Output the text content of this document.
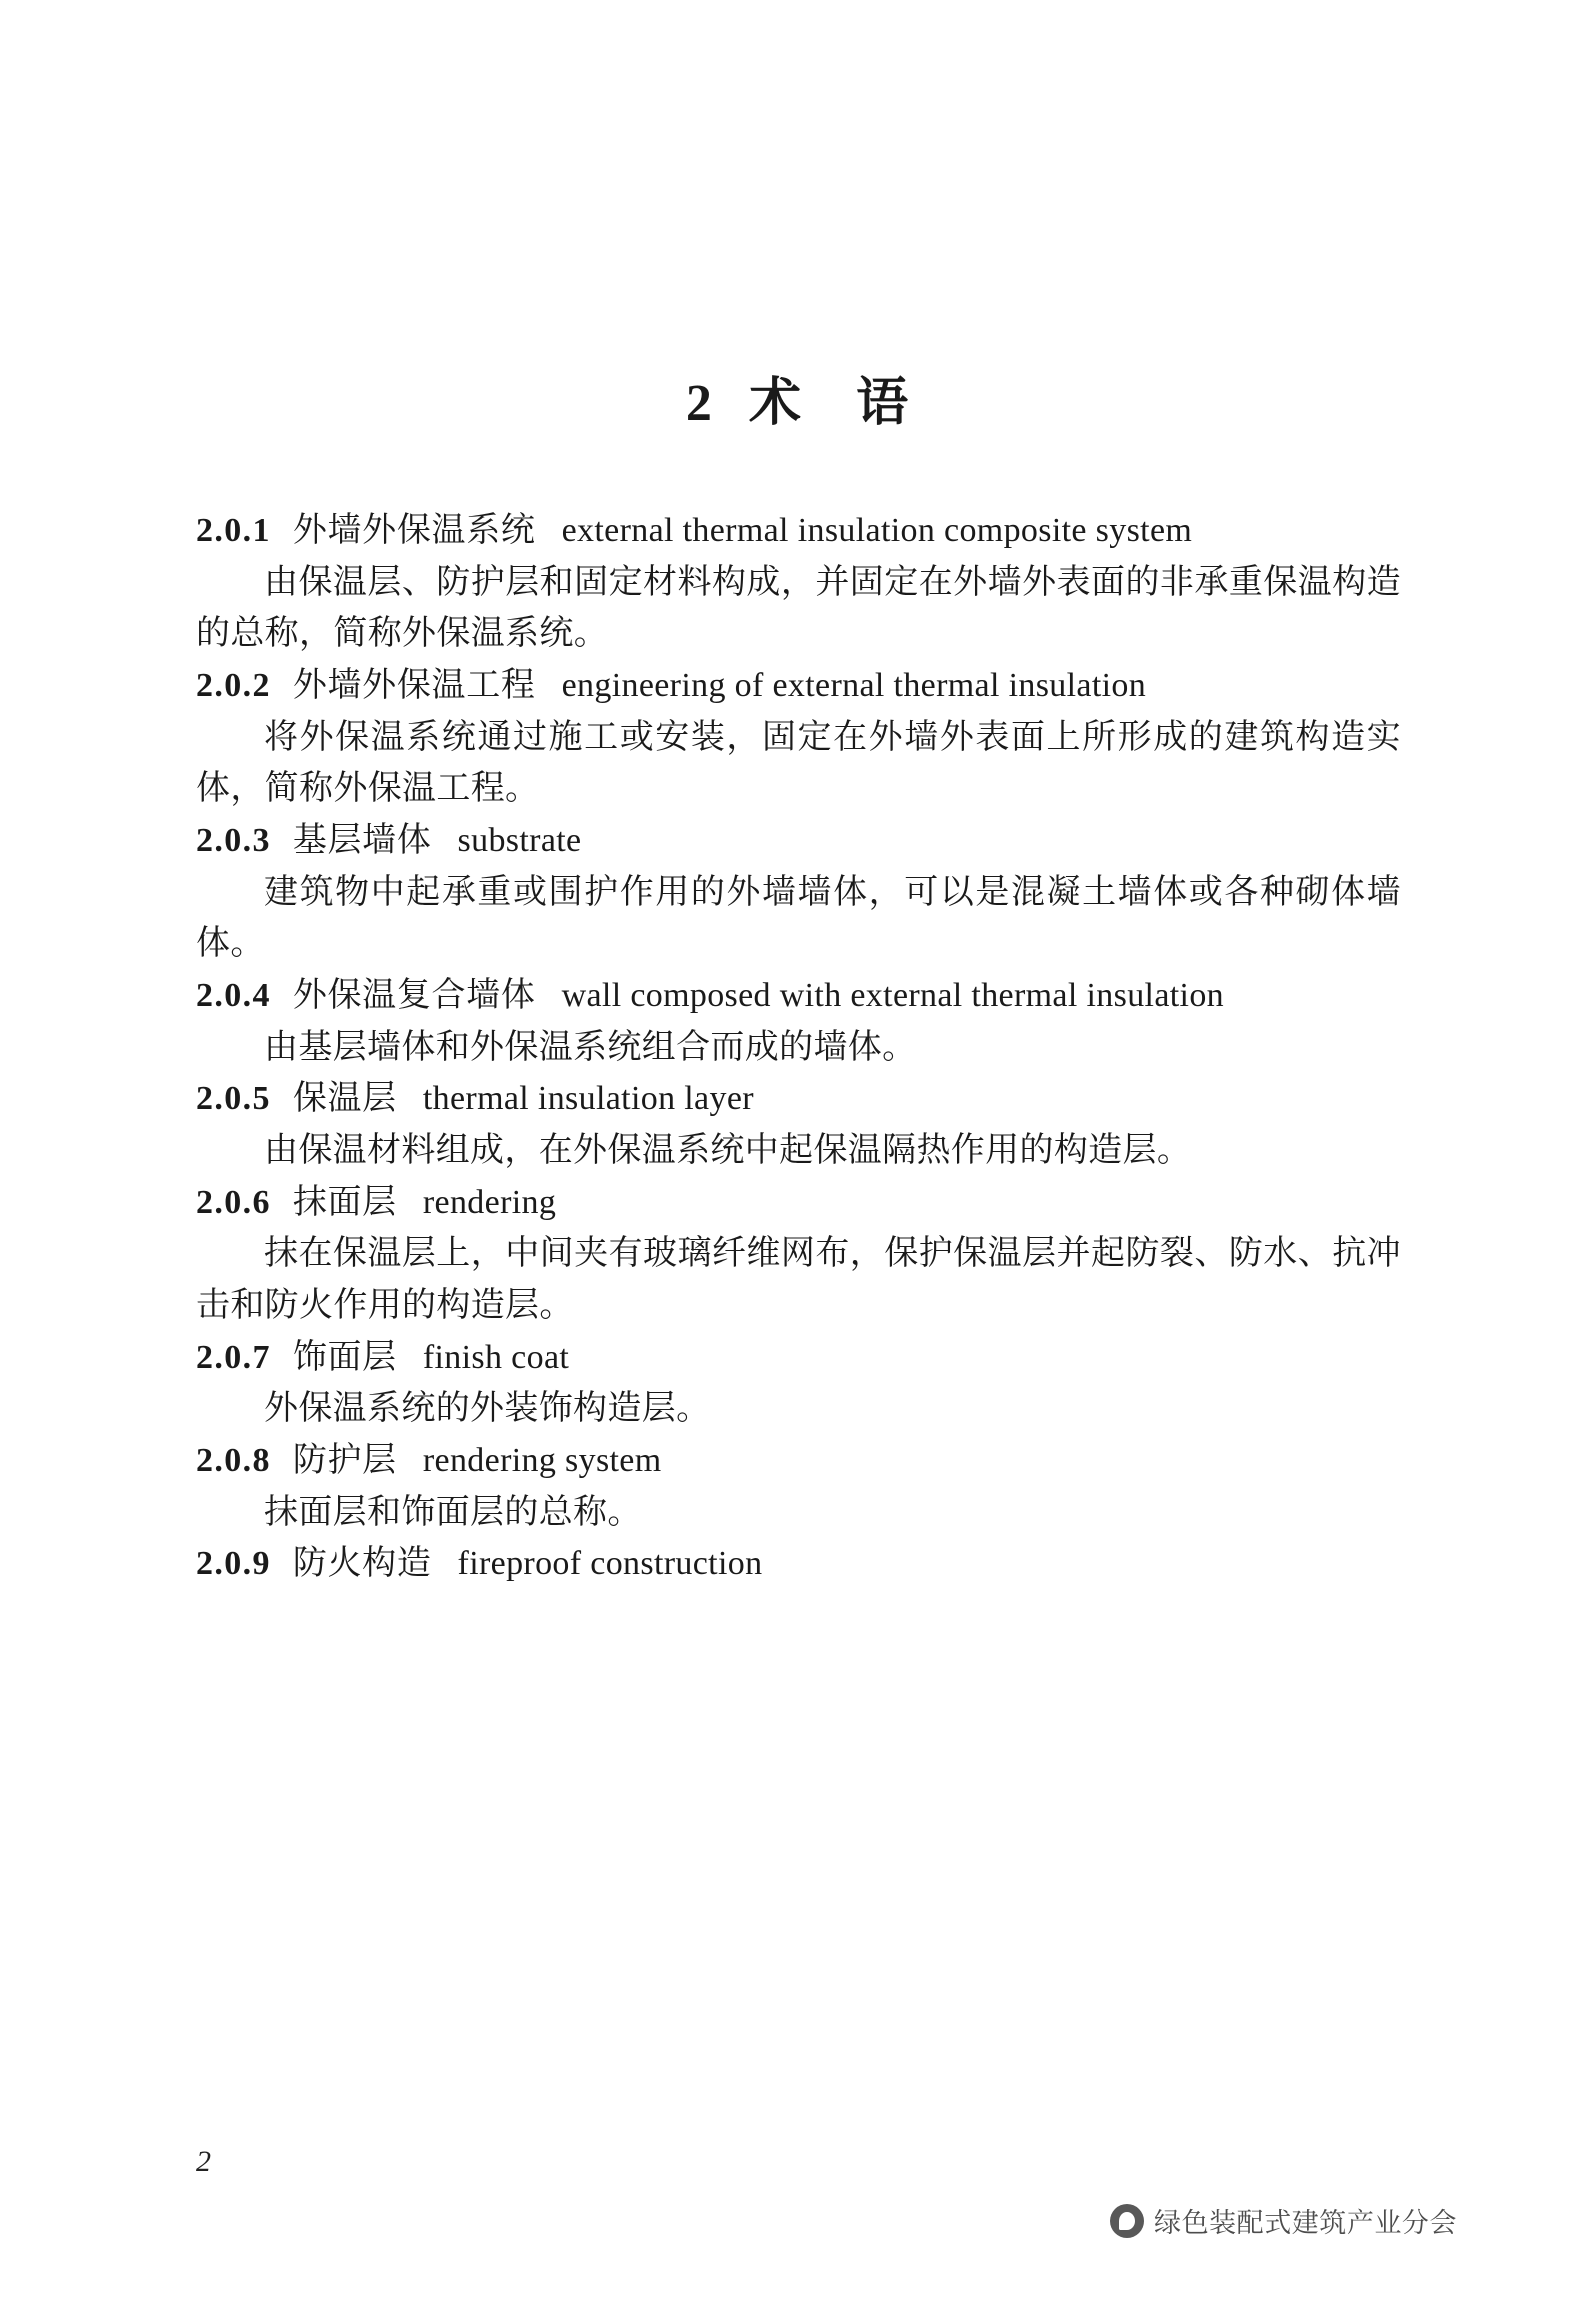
2 术 语

2.0.1 外墙外保温系统 external thermal insulation composite system

由保温层、防护层和固定材料构成，并固定在外墙外表面的非承重保温构造的总称，简称外保温系统。

2.0.2 外墙外保温工程 engineering of external thermal insulation

将外保温系统通过施工或安装，固定在外墙外表面上所形成的建筑构造实体，简称外保温工程。

2.0.3 基层墙体 substrate

建筑物中起承重或围护作用的外墙墙体，可以是混凝土墙体或各种砌体墙体。

2.0.4 外保温复合墙体 wall composed with external thermal insulation

由基层墙体和外保温系统组合而成的墙体。

2.0.5 保温层 thermal insulation layer

由保温材料组成，在外保温系统中起保温隔热作用的构造层。

2.0.6 抹面层 rendering

抹在保温层上，中间夹有玻璃纤维网布，保护保温层并起防裂、防水、抗冲击和防火作用的构造层。

2.0.7 饰面层 finish coat

外保温系统的外装饰构造层。

2.0.8 防护层 rendering system

抹面层和饰面层的总称。

2.0.9 防火构造 fireproof construction

2
绿色装配式建筑产业分会
